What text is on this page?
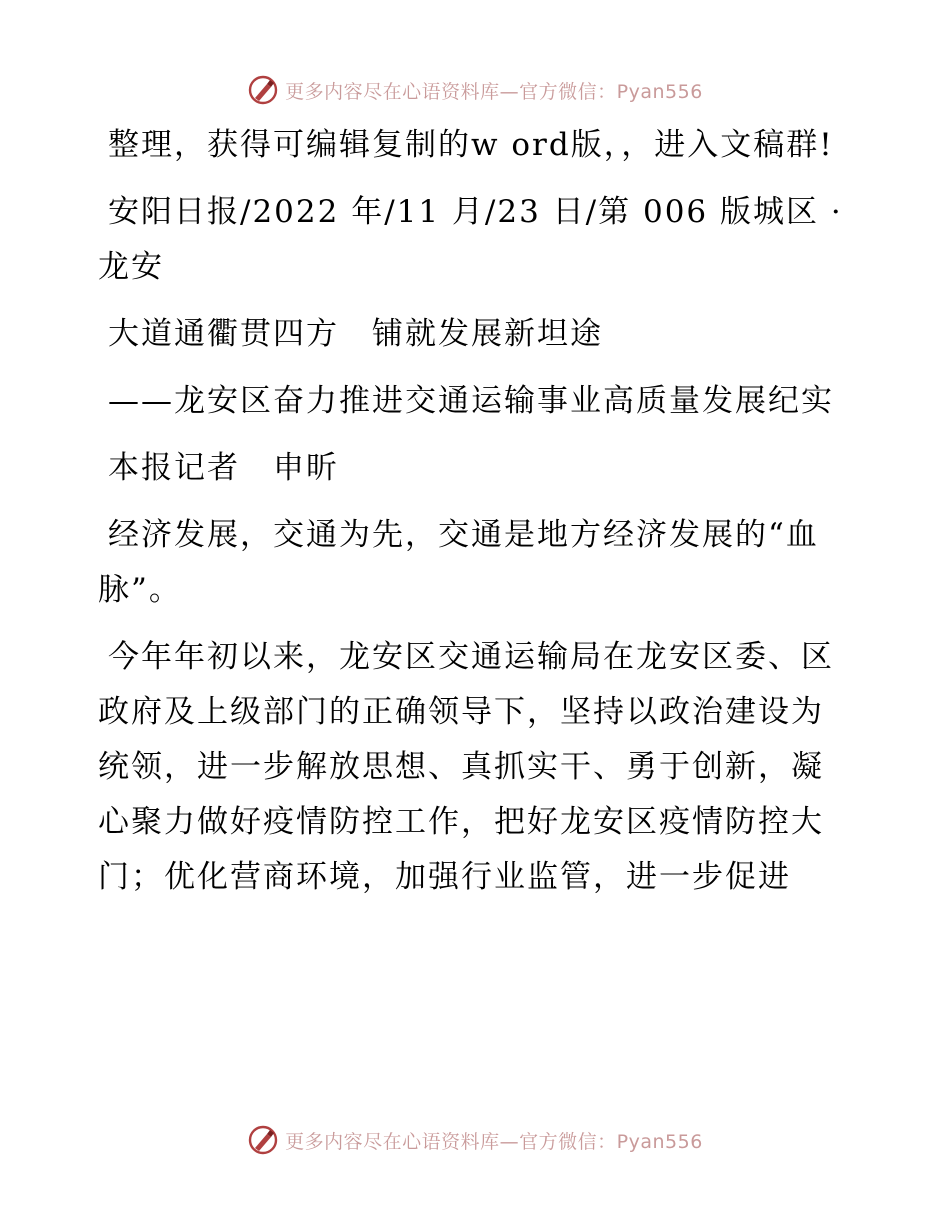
更多内容尽在心语资料库—官方微信：Pyan556

整理，获得可编辑复制的w ord版，，进入文稿群!

安阳日报/2022 年/11 月/23 日/第 006 版城区 · 龙安

大道通衢贯四方　铺就发展新坦途

——龙安区奋力推进交通运输事业高质量发展纪实

本报记者　申昕

经济发展，交通为先，交通是地方经济发展的“血脉”。

今年年初以来，龙安区交通运输局在龙安区委、区政府及上级部门的正确领导下，坚持以政治建设为统领，进一步解放思想、真抓实干、勇于创新，凝心聚力做好疫情防控工作，把好龙安区疫情防控大门；优化营商环境，加强行业监管，进一步促进

更多内容尽在心语资料库—官方微信：Pyan556
